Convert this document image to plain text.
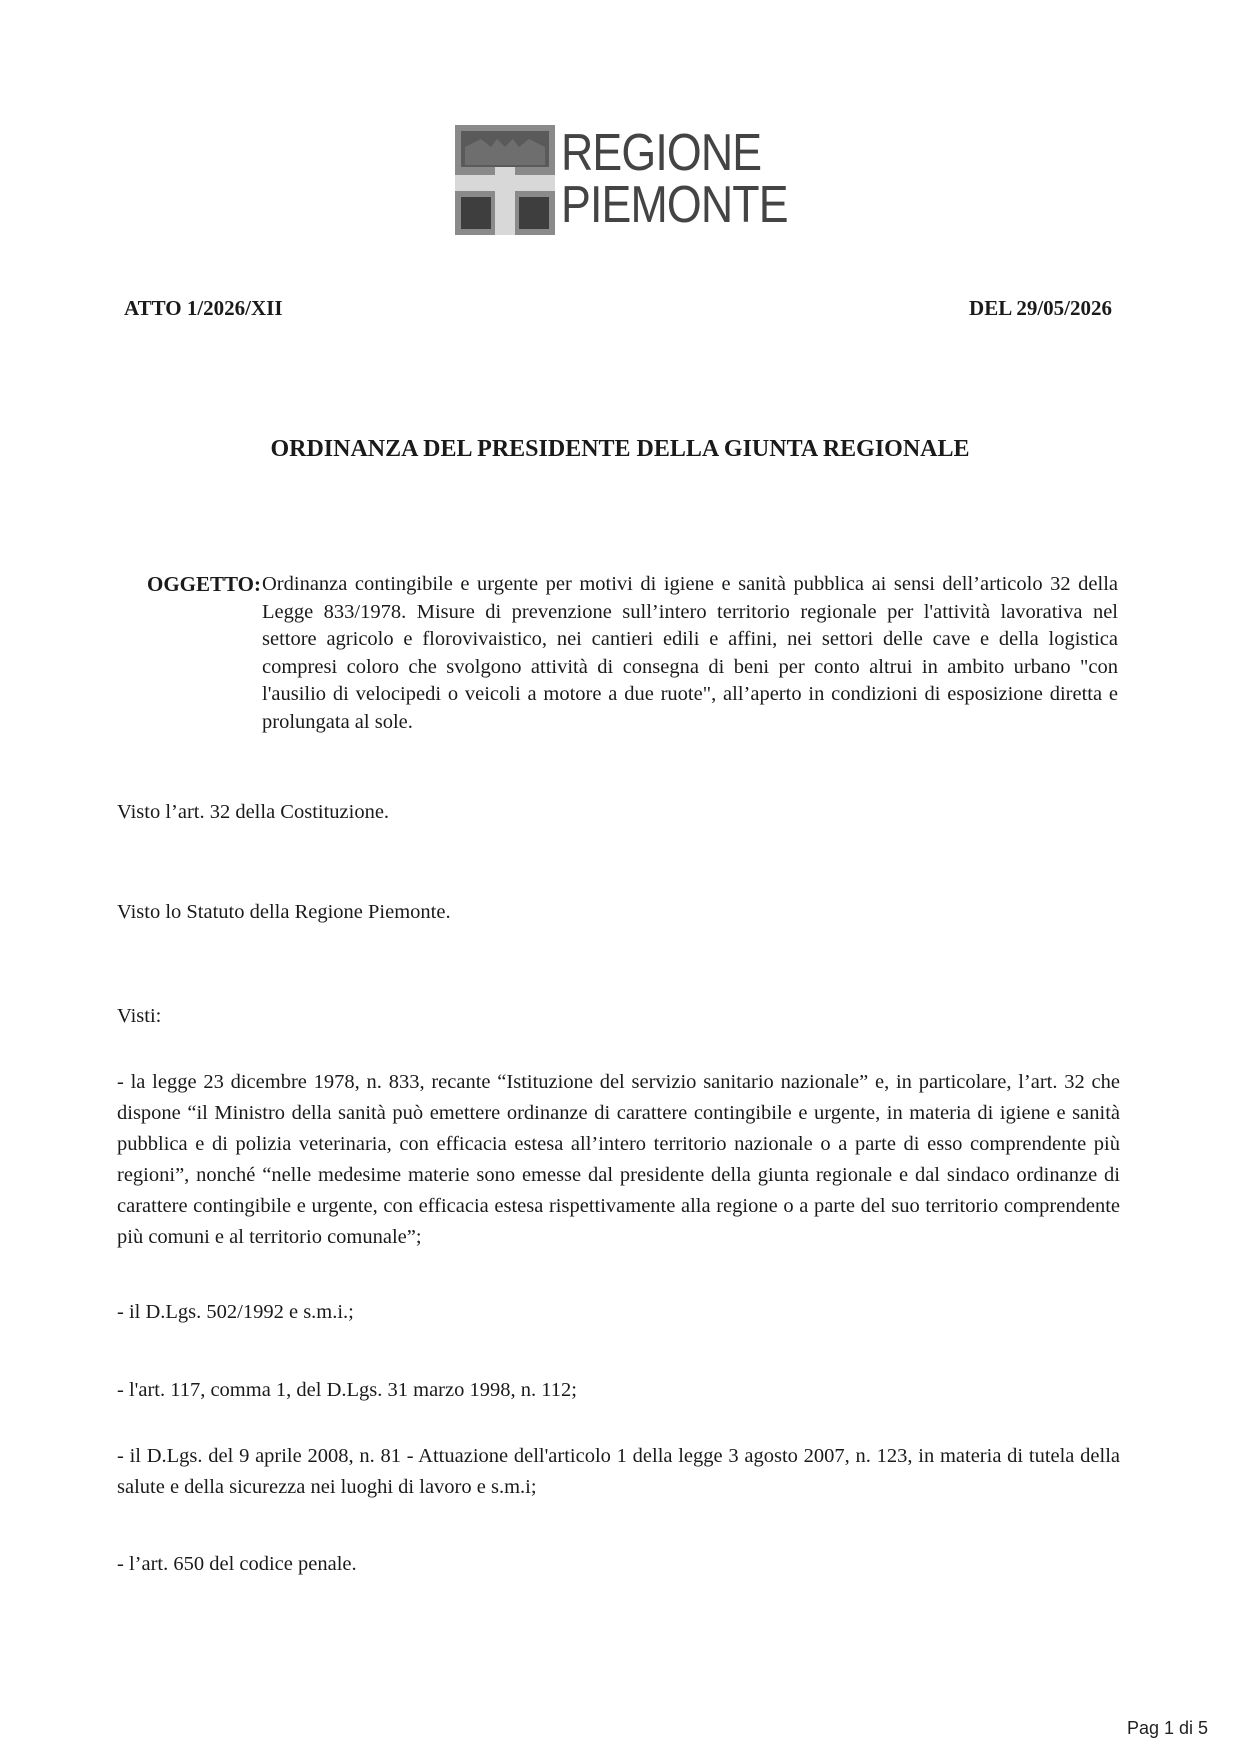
REGIONE
PIEMONTE
ATTO 1/2026/XII	DEL 29/05/2026
ORDINANZA DEL PRESIDENTE DELLA GIUNTA REGIONALE
OGGETTO: Ordinanza contingibile e urgente per motivi di igiene e sanità pubblica ai sensi dell’articolo 32 della Legge 833/1978. Misure di prevenzione sull’intero territorio regionale per l'attività lavorativa nel settore agricolo e florovivaistico, nei cantieri edili e affini, nei settori delle cave e della logistica compresi coloro che svolgono attività di consegna di beni per conto altrui in ambito urbano "con l'ausilio di velocipedi o veicoli a motore a due ruote", all’aperto in condizioni di esposizione diretta e prolungata al sole.
Visto l’art. 32 della Costituzione.
Visto lo Statuto della Regione Piemonte.
Visti:
- la legge 23 dicembre 1978, n. 833, recante “Istituzione del servizio sanitario nazionale” e, in particolare, l’art. 32 che dispone “il Ministro della sanità può emettere ordinanze di carattere contingibile e urgente, in materia di igiene e sanità pubblica e di polizia veterinaria, con efficacia estesa all’intero territorio nazionale o a parte di esso comprendente più regioni”, nonché “nelle medesime materie sono emesse dal presidente della giunta regionale e dal sindaco ordinanze di carattere contingibile e urgente, con efficacia estesa rispettivamente alla regione o a parte del suo territorio comprendente più comuni e al territorio comunale”;
- il D.Lgs. 502/1992 e s.m.i.;
- l'art. 117, comma 1, del D.Lgs. 31 marzo 1998, n. 112;
- il D.Lgs. del 9 aprile 2008, n. 81 - Attuazione dell'articolo 1 della legge 3 agosto 2007, n. 123, in materia di tutela della salute e della sicurezza nei luoghi di lavoro e s.m.i;
- l’art. 650 del codice penale.
Pag 1 di 5
